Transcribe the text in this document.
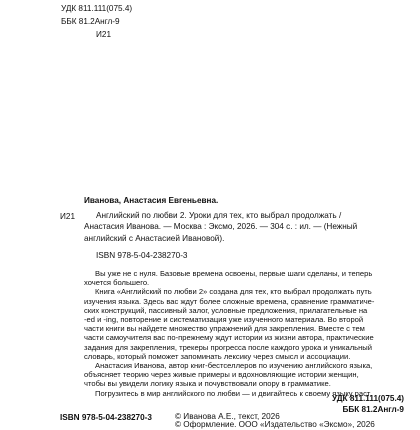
УДК 811.111(075.4)
ББК 81.2Англ-9
И21
Иванова, Анастасия Евгеньевна.
И21	Английский по любви 2. Уроки для тех, кто выбрал продолжать /
Анастасия Иванова. — Москва : Эксмо, 2026. — 304 с. : ил. — (Нежный
английский с Анастасией Ивановой).
ISBN 978-5-04-238270-3
Вы уже не с нуля. Базовые времена освоены, первые шаги сделаны, и теперь
хочется большего.
Книга «Английский по любви 2» создана для тех, кто выбрал продолжать путь
изучения языка. Здесь вас ждут более сложные времена, сравнение грамматиче-
ских конструкций, пассивный залог, условные предложения, прилагательные на
-ed и -ing, повторение и систематизация уже изученного материала. Во второй
части книги вы найдете множество упражнений для закрепления. Вместе с тем
части самоучителя вас по-прежнему ждут истории из жизни автора, практические
задания для закрепления, трекеры прогресса после каждого урока и уникальный
словарь, который поможет запоминать лексику через смысл и ассоциации.
Анастасия Иванова, автор книг-бестселлеров по изучению английского языка,
объясняет теорию через живые примеры и вдохновляющие истории женщин,
чтобы вы увидели логику языка и почувствовали опору в грамматике.
Погрузитесь в мир английского по любви — и двигайтесь к своему языку раст.
УДК 811.111(075.4)
ББК 81.2Англ-9
ISBN 978-5-04-238270-3	© Иванова А.Е., текст, 2026
© Оформление. ООО «Издательство «Эксмо», 2026
